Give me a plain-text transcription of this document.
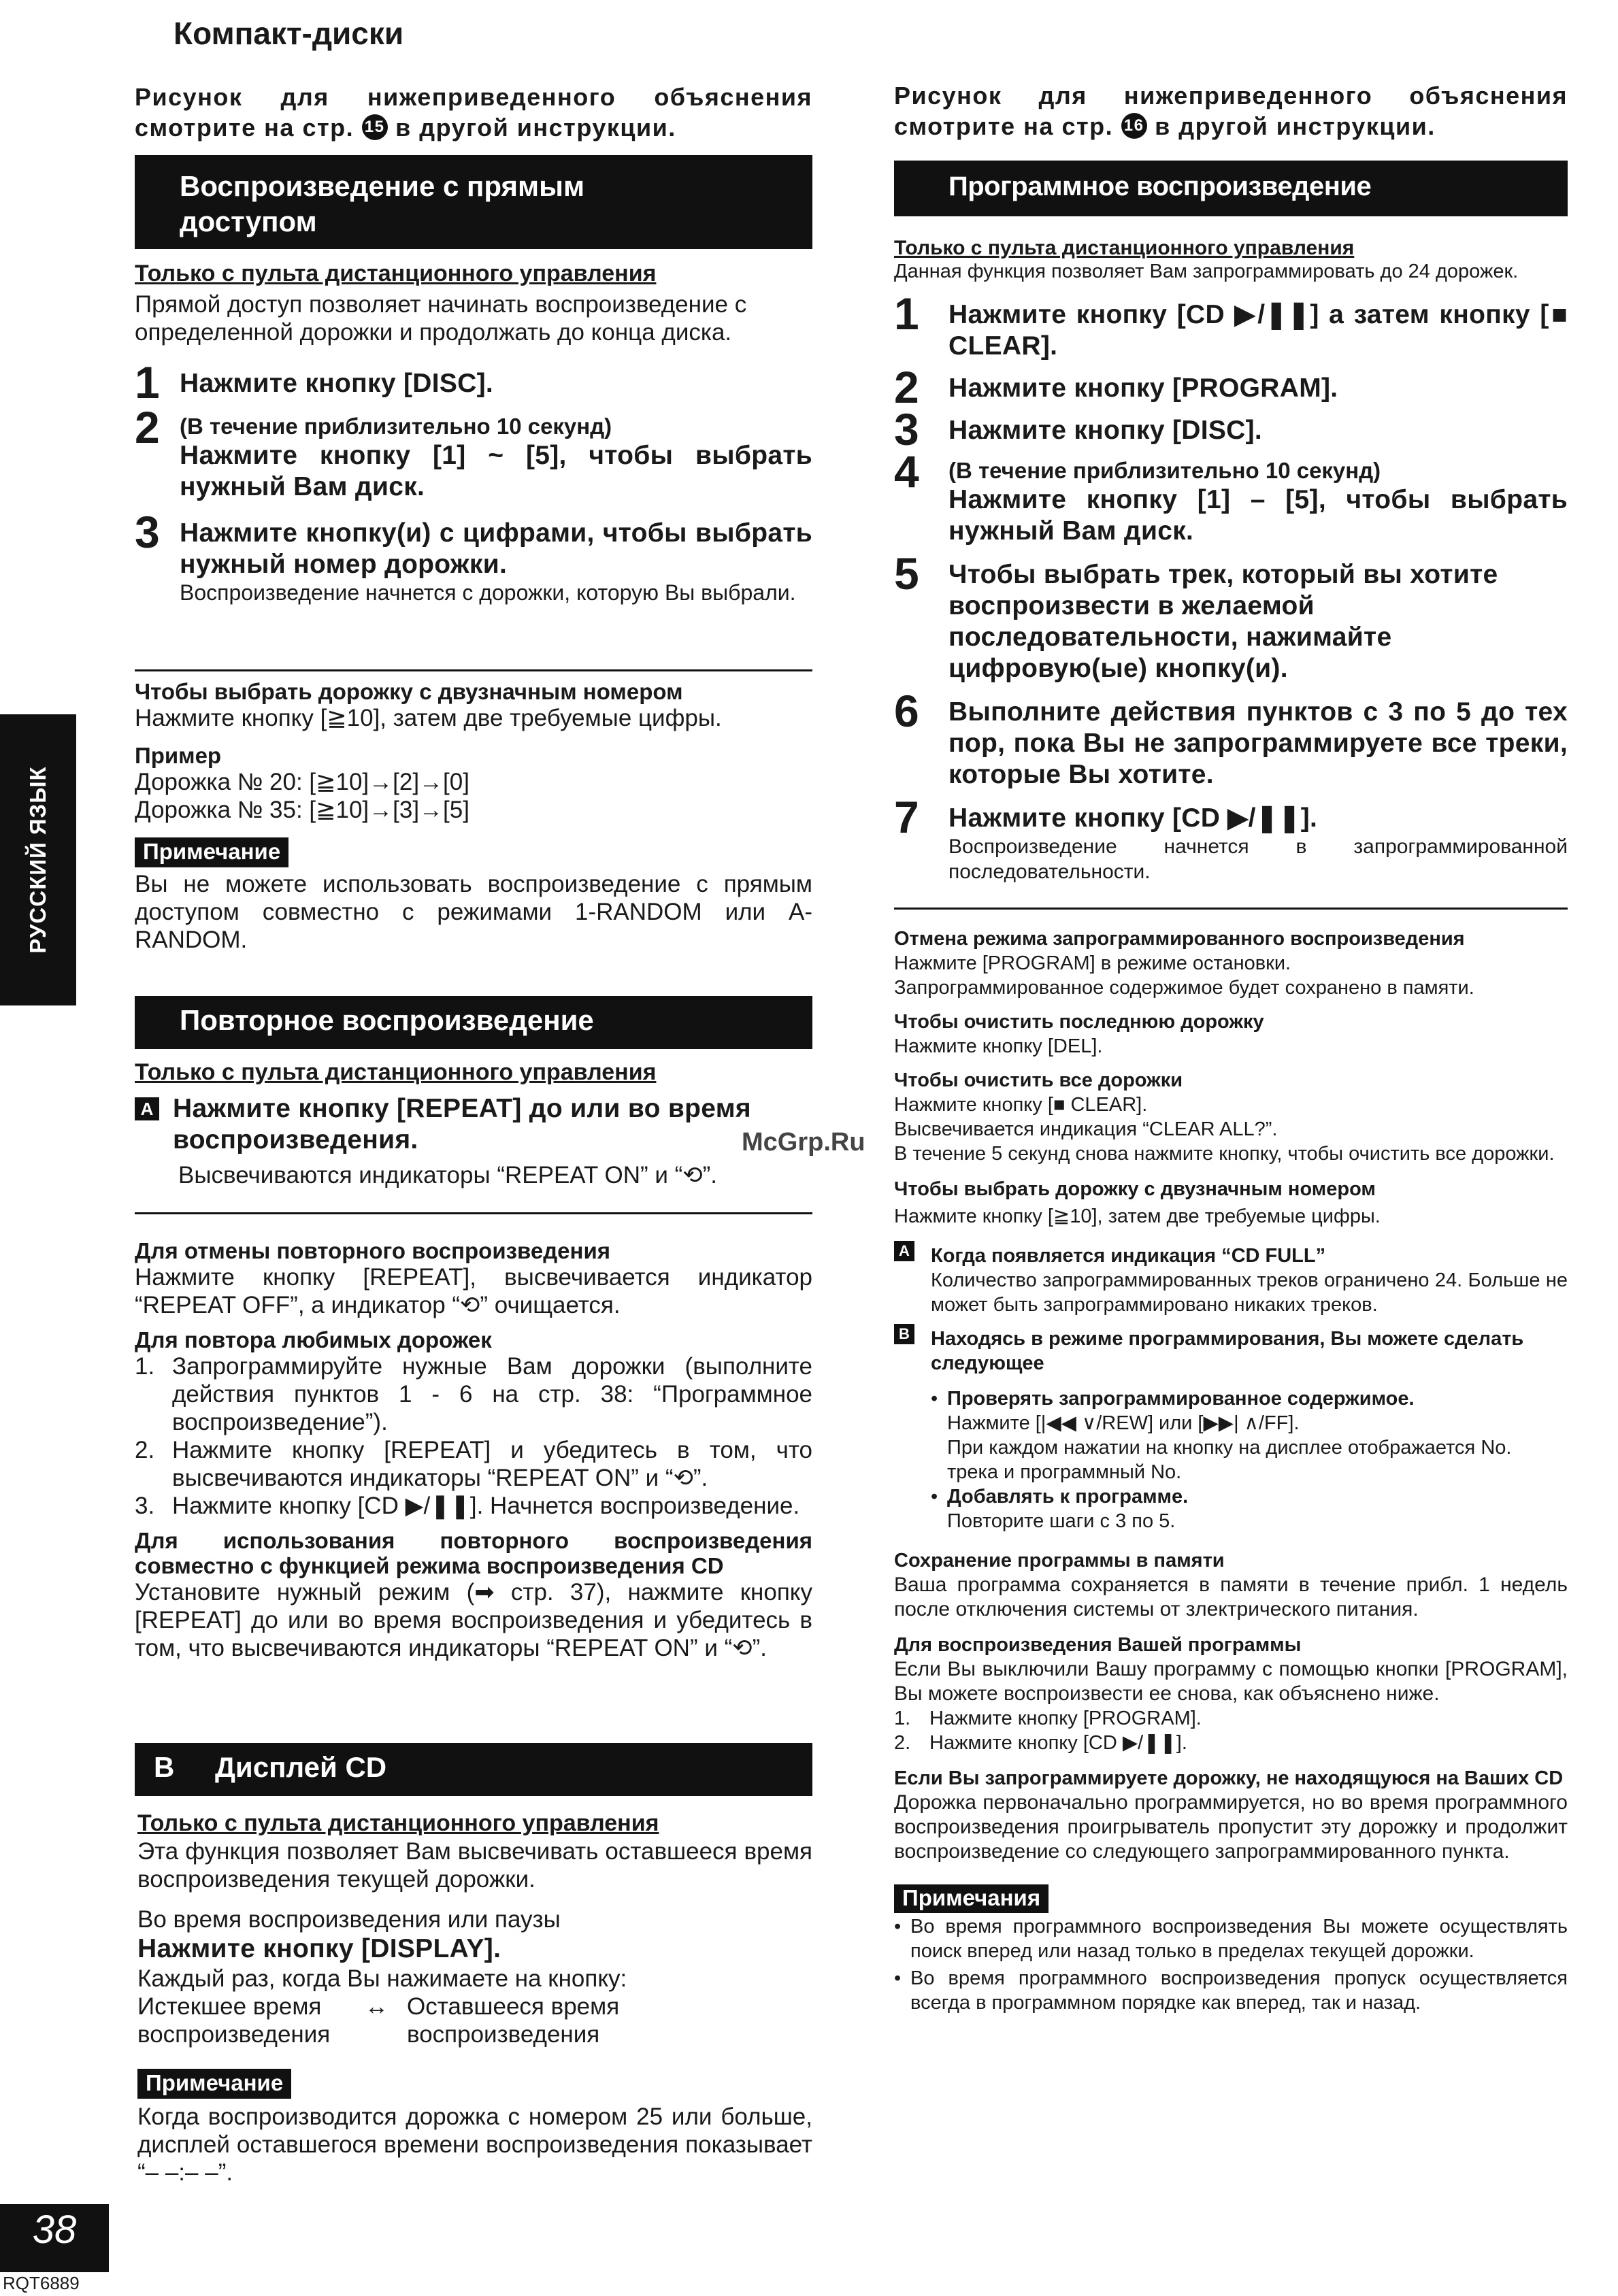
Компакт-диски
РУССКИЙ ЯЗЫК
38
RQT6889
McGrp.Ru
Рисунок для нижеприведенного объяснения смотрите на стр. 15 в другой инструкции.
Воспроизведение с прямым доступом
Только с пульта дистанционного управления
Прямой доступ позволяет начинать воспроизведение с определенной дорожки и продолжать до конца диска.
1 Нажмите кнопку [DISC].
2 (В течение приблизительно 10 секунд)
Нажмите кнопку [1] ~ [5], чтобы выбрать нужный Вам диск.
3 Нажмите кнопку(и) с цифрами, чтобы выбрать нужный номер дорожки.
Воспроизведение начнется с дорожки, которую Вы выбрали.
Чтобы выбрать дорожку с двузначным номером
Нажмите кнопку [≧10], затем две требуемые цифры.
Пример
Дорожка № 20: [≧10]→[2]→[0]
Дорожка № 35: [≧10]→[3]→[5]
Примечание
Вы не можете использовать воспроизведение с прямым доступом совместно с режимами 1-RANDOM или A-RANDOM.
Повторное воспроизведение
Только с пульта дистанционного управления
A Нажмите кнопку [REPEAT] до или во время воспроизведения.
Высвечиваются индикаторы “REPEAT ON” и “⟲”.
Для отмены повторного воспроизведения
Нажмите кнопку [REPEAT], высвечивается индикатор “REPEAT OFF”, а индикатор “⟲” очищается.
Для повтора любимых дорожек
1. Запрограммируйте нужные Вам дорожки (выполните действия пунктов 1 - 6 на стр. 38: “Программное воспроизведение”).
2. Нажмите кнопку [REPEAT] и убедитесь в том, что высвечиваются индикаторы “REPEAT ON” и “⟲”.
3. Нажмите кнопку [CD ▶/❚❚]. Начнется воспроизведение.
Для использования повторного воспроизведения совместно с функцией режима воспроизведения CD
Установите нужный режим (➡ стр. 37), нажмите кнопку [REPEAT] до или во время воспроизведения и убедитесь в том, что высвечиваются индикаторы “REPEAT ON” и “⟲”.
B Дисплей CD
Только с пульта дистанционного управления
Эта функция позволяет Вам высвечивать оставшееся время воспроизведения текущей дорожки.
Во время воспроизведения или паузы
Нажмите кнопку [DISPLAY].
Каждый раз, когда Вы нажимаете на кнопку:
Истекшее время
воспроизведения
↔ Оставшееся время
воспроизведения
Примечание
Когда воспроизводится дорожка с номером 25 или больше, дисплей оставшегося времени воспроизведения показывает “– –:– –”.
Рисунок для нижеприведенного объяснения смотрите на стр. 16 в другой инструкции.
Программное воспроизведение
Только с пульта дистанционного управления
Данная функция позволяет Вам запрограммировать до 24 дорожек.
1 Нажмите кнопку [CD ▶/❚❚] а затем кнопку [■ CLEAR].
2 Нажмите кнопку [PROGRAM].
3 Нажмите кнопку [DISC].
4 (В течение приблизительно 10 секунд)
Нажмите кнопку [1] – [5], чтобы выбрать нужный Вам диск.
5 Чтобы выбрать трек, который вы хотите воспроизвести в желаемой последовательности, нажимайте цифровую(ые) кнопку(и).
6 Выполните действия пунктов с 3 по 5 до тех пор, пока Вы не запрограммируете все треки, которые Вы хотите.
7 Нажмите кнопку [CD ▶/❚❚].
Воспроизведение начнется в запрограммированной последовательности.
Отмена режима запрограммированного воспроизведения
Нажмите [PROGRAM] в режиме остановки.
Запрограммированное содержимое будет сохранено в памяти.
Чтобы очистить последнюю дорожку
Нажмите кнопку [DEL].
Чтобы очистить все дорожки
Нажмите кнопку [■ CLEAR].
Высвечивается индикация “CLEAR ALL?”.
В течение 5 секунд снова нажмите кнопку, чтобы очистить все дорожки.
Чтобы выбрать дорожку с двузначным номером
Нажмите кнопку [≧10], затем две требуемые цифры.
A Когда появляется индикация “CD FULL”
Количество запрограммированных треков ограничено 24. Больше не может быть запрограммировано никаких треков.
B Находясь в режиме программирования, Вы можете сделать следующее
• Проверять запрограммированное содержимое.
Нажмите [|◀◀ ∨/REW] или [▶▶| ∧/FF].
При каждом нажатии на кнопку на дисплее отображается No. трека и программный No.
• Добавлять к программе.
Повторите шаги с 3 по 5.
Сохранение программы в памяти
Ваша программа сохраняется в памяти в течение прибл. 1 недель после отключения системы от злектрического питания.
Для воспроизведения Вашей программы
Если Вы выключили Вашу программу с помощью кнопки [PROGRAM], Вы можете воспроизвести ее снова, как объяснено ниже.
1. Нажмите кнопку [PROGRAM].
2. Нажмите кнопку [CD ▶/❚❚].
Если Вы запрограммируете дорожку, не находящуюся на Ваших CD
Дорожка первоначально программируется, но во время программного воспроизведения проигрыватель пропустит эту дорожку и продолжит воспроизведение со следующего запрограммированного пункта.
Примечания
• Во время программного воспроизведения Вы можете осуществлять поиск вперед или назад только в пределах текущей дорожки.
• Во время программного воспроизведения пропуск осуществляется всегда в программном порядке как вперед, так и назад.
